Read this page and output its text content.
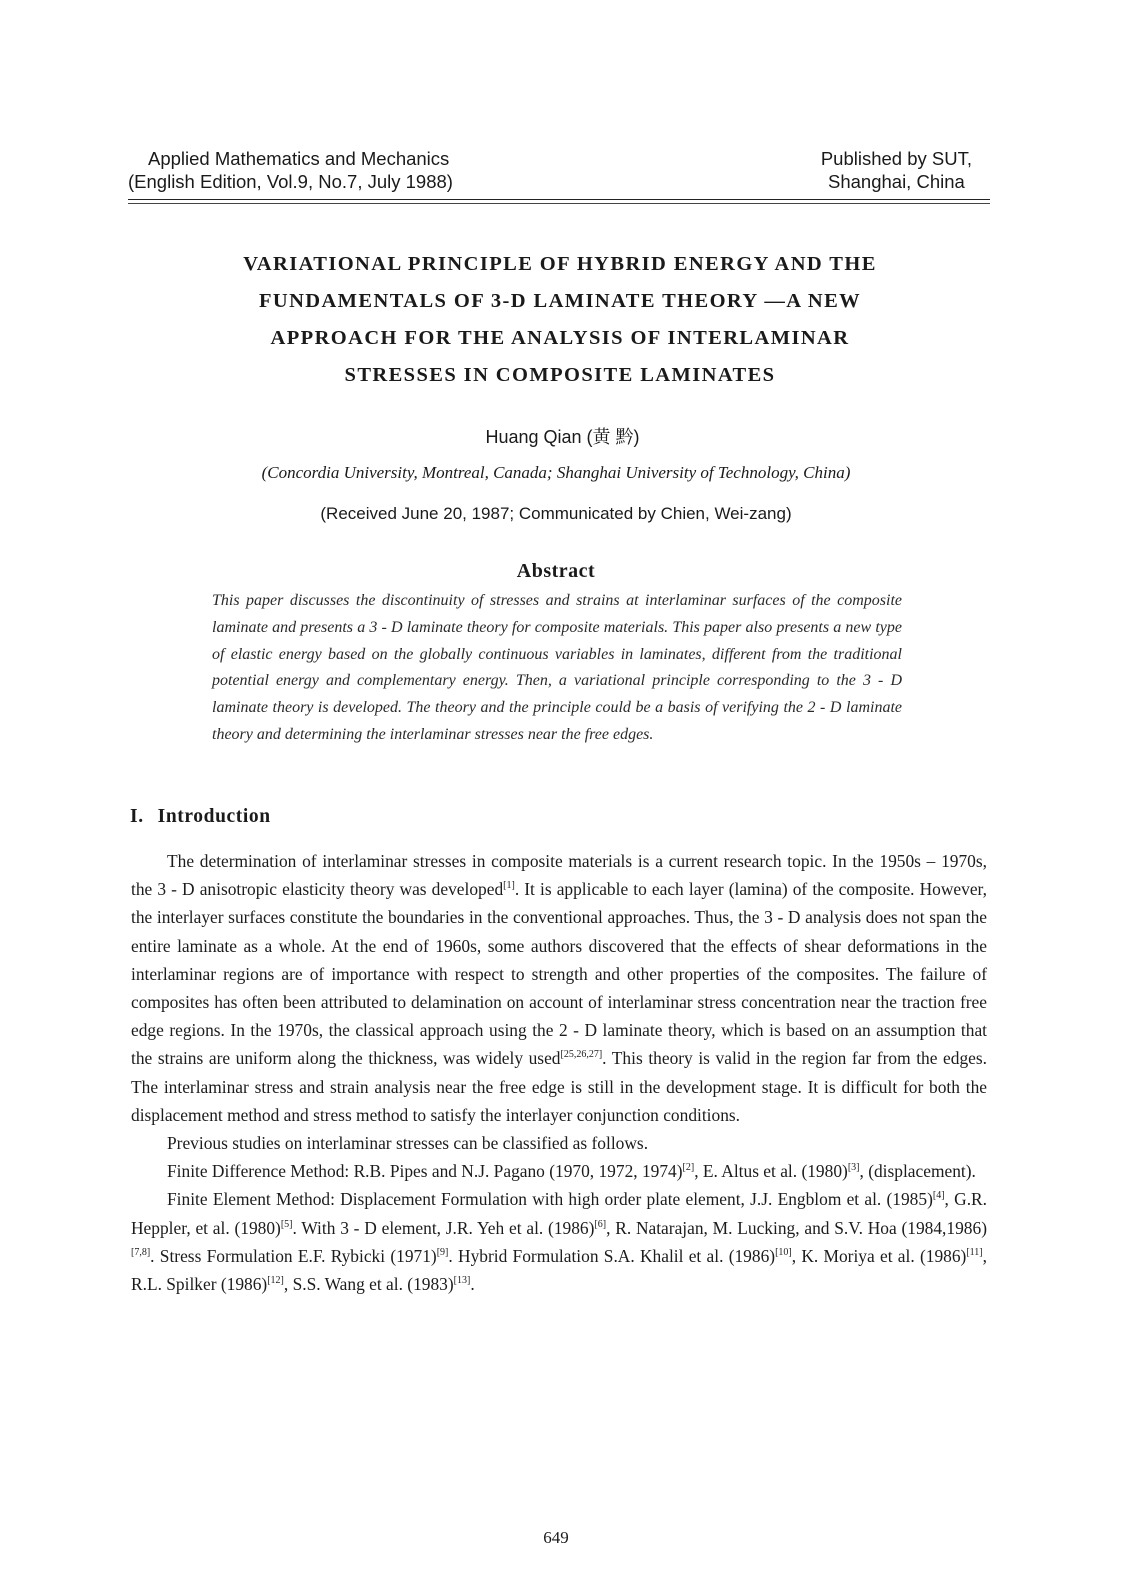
Applied Mathematics and Mechanics
(English Edition, Vol.9, No.7, July 1988)
Published by SUT,
Shanghai, China
VARIATIONAL PRINCIPLE OF HYBRID ENERGY AND THE
FUNDAMENTALS OF 3-D LAMINATE THEORY —A NEW
APPROACH FOR THE ANALYSIS OF INTERLAMINAR
STRESSES IN COMPOSITE LAMINATES
Huang Qian (黄 黔)
(Concordia University, Montreal, Canada; Shanghai University of Technology, China)
(Received June 20, 1987; Communicated by Chien, Wei-zang)
Abstract
This paper discusses the discontinuity of stresses and strains at interlaminar surfaces of the composite laminate and presents a 3 - D laminate theory for composite materials. This paper also presents a new type of elastic energy based on the globally continuous variables in laminates, different from the traditional potential energy and complementary energy. Then, a variational principle corresponding to the 3 - D laminate theory is developed. The theory and the principle could be a basis of verifying the 2 - D laminate theory and determining the interlaminar stresses near the free edges.
I. Introduction

The determination of interlaminar stresses in composite materials is a current research topic. In the 1950s – 1970s, the 3 - D anisotropic elasticity theory was developed[1]. It is applicable to each layer (lamina) of the composite. However, the interlayer surfaces constitute the boundaries in the conventional approaches. Thus, the 3 - D analysis does not span the entire laminate as a whole. At the end of 1960s, some authors discovered that the effects of shear deformations in the interlaminar regions are of importance with respect to strength and other properties of the composites. The failure of composites has often been attributed to delamination on account of interlaminar stress concentration near the traction free edge regions. In the 1970s, the classical approach using the 2 - D laminate theory, which is based on an assumption that the strains are uniform along the thickness, was widely used[25,26,27]. This theory is valid in the region far from the edges. The interlaminar stress and strain analysis near the free edge is still in the development stage. It is difficult for both the displacement method and stress method to satisfy the interlayer conjunction conditions.

Previous studies on interlaminar stresses can be classified as follows.

Finite Difference Method: R.B. Pipes and N.J. Pagano (1970, 1972, 1974)[2], E. Altus et al. (1980)[3], (displacement).

Finite Element Method: Displacement Formulation with high order plate element, J.J. Engblom et al. (1985)[4], G.R. Heppler, et al. (1980)[5]. With 3 - D element, J.R. Yeh et al. (1986)[6], R. Natarajan, M. Lucking, and S.V. Hoa (1984,1986)[7,8]. Stress Formulation E.F. Rybicki (1971)[9]. Hybrid Formulation S.A. Khalil et al. (1986)[10], K. Moriya et al. (1986)[11], R.L. Spilker (1986)[12], S.S. Wang et al. (1983)[13].

649
